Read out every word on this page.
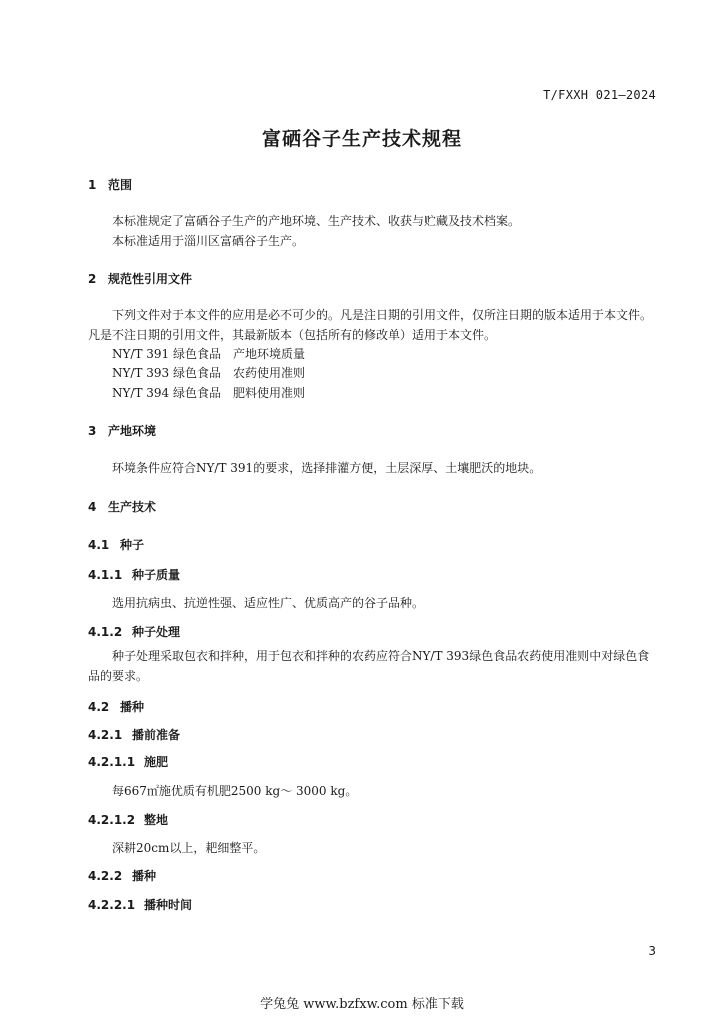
T/FXXH 021—2024
富硒谷子生产技术规程
1 范围
本标准规定了富硒谷子生产的产地环境、生产技术、收获与贮藏及技术档案。
本标准适用于淄川区富硒谷子生产。
2 规范性引用文件
下列文件对于本文件的应用是必不可少的。凡是注日期的引用文件，仅所注日期的版本适用于本文件。凡是不注日期的引用文件，其最新版本（包括所有的修改单）适用于本文件。
NY/T 391 绿色食品　产地环境质量
NY/T 393 绿色食品　农药使用准则
NY/T 394 绿色食品　肥料使用准则
3 产地环境
环境条件应符合NY/T 391的要求，选择排灌方便，土层深厚、土壤肥沃的地块。
4 生产技术
4.1 种子
4.1.1 种子质量
选用抗病虫、抗逆性强、适应性广、优质高产的谷子品种。
4.1.2 种子处理
种子处理采取包衣和拌种，用于包衣和拌种的农药应符合NY/T 393绿色食品农药使用准则中对绿色食品的要求。
4.2 播种
4.2.1 播前准备
4.2.1.1 施肥
每667㎡施优质有机肥2500 kg～ 3000 kg。
4.2.1.2 整地
深耕20cm以上，耙细整平。
4.2.2 播种
4.2.2.1 播种时间
3
学兔兔 www.bzfxw.com 标准下载
